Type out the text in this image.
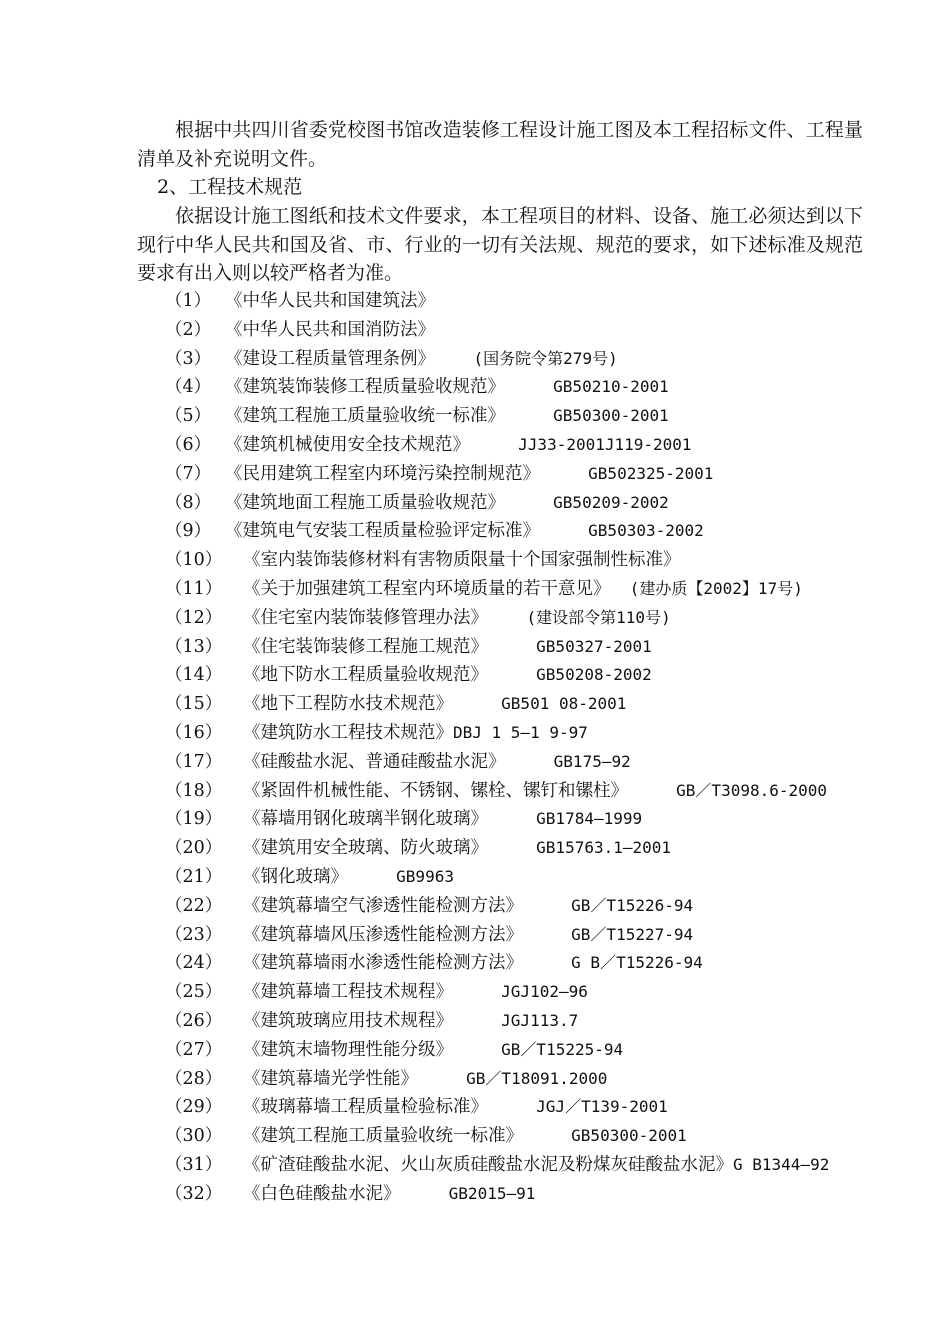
根据中共四川省委党校图书馆改造装修工程设计施工图及本工程招标文件、工程量清单及补充说明文件。

2、工程技术规范

依据设计施工图纸和技术文件要求，本工程项目的材料、设备、施工必须达到以下现行中华人民共和国及省、市、行业的一切有关法规、规范的要求，如下述标准及规范要求有出入则以较严格者为准。

（1） 《中华人民共和国建筑法》
（2） 《中华人民共和国消防法》
（3） 《建设工程质量管理条例》    (国务院令第279号)
（4） 《建筑装饰装修工程质量验收规范》     GB50210-2001
（5） 《建筑工程施工质量验收统一标准》     GB50300-2001
（6） 《建筑机械使用安全技术规范》     JJ33-2001J119-2001
（7） 《民用建筑工程室内环境污染控制规范》     GB502325-2001
（8） 《建筑地面工程施工质量验收规范》     GB50209-2002
（9） 《建筑电气安装工程质量检验评定标准》     GB50303-2002
（10） 《室内装饰装修材料有害物质限量十个国家强制性标准》
（11） 《关于加强建筑工程室内环境质量的若干意见》  (建办质【2002】17号)
（12） 《住宅室内装饰装修管理办法》    (建设部令第110号)
（13） 《住宅装饰装修工程施工规范》     GB50327-2001
（14） 《地下防水工程质量验收规范》     GB50208-2002
（15） 《地下工程防水技术规范》     GB501 08-2001
（16） 《建筑防水工程技术规范》DBJ 1 5—1 9-97
（17） 《硅酸盐水泥、普通硅酸盐水泥》     GB175—92
（18） 《紧固件机械性能、不锈钢、镙栓、镙钉和镙柱》     GB／T3098.6-2000
（19） 《幕墙用钢化玻璃半钢化玻璃》     GB1784—1999
（20） 《建筑用安全玻璃、防火玻璃》     GB15763.1—2001
（21） 《钢化玻璃》     GB9963
（22） 《建筑幕墙空气渗透性能检测方法》     GB／T15226-94
（23） 《建筑幕墙风压渗透性能检测方法》     GB／T15227-94
（24） 《建筑幕墙雨水渗透性能检测方法》     G B／T15226-94
（25） 《建筑幕墙工程技术规程》     JGJ102—96
（26） 《建筑玻璃应用技术规程》     JGJ113.7
（27） 《建筑末墙物理性能分级》     GB／T15225-94
（28） 《建筑幕墙光学性能》     GB／T18091.2000
（29） 《玻璃幕墙工程质量检验标准》     JGJ／T139-2001
（30） 《建筑工程施工质量验收统一标准》     GB50300-2001
（31） 《矿渣硅酸盐水泥、火山灰质硅酸盐水泥及粉煤灰硅酸盐水泥》G B1344—92
（32） 《白色硅酸盐水泥》     GB2015—91
